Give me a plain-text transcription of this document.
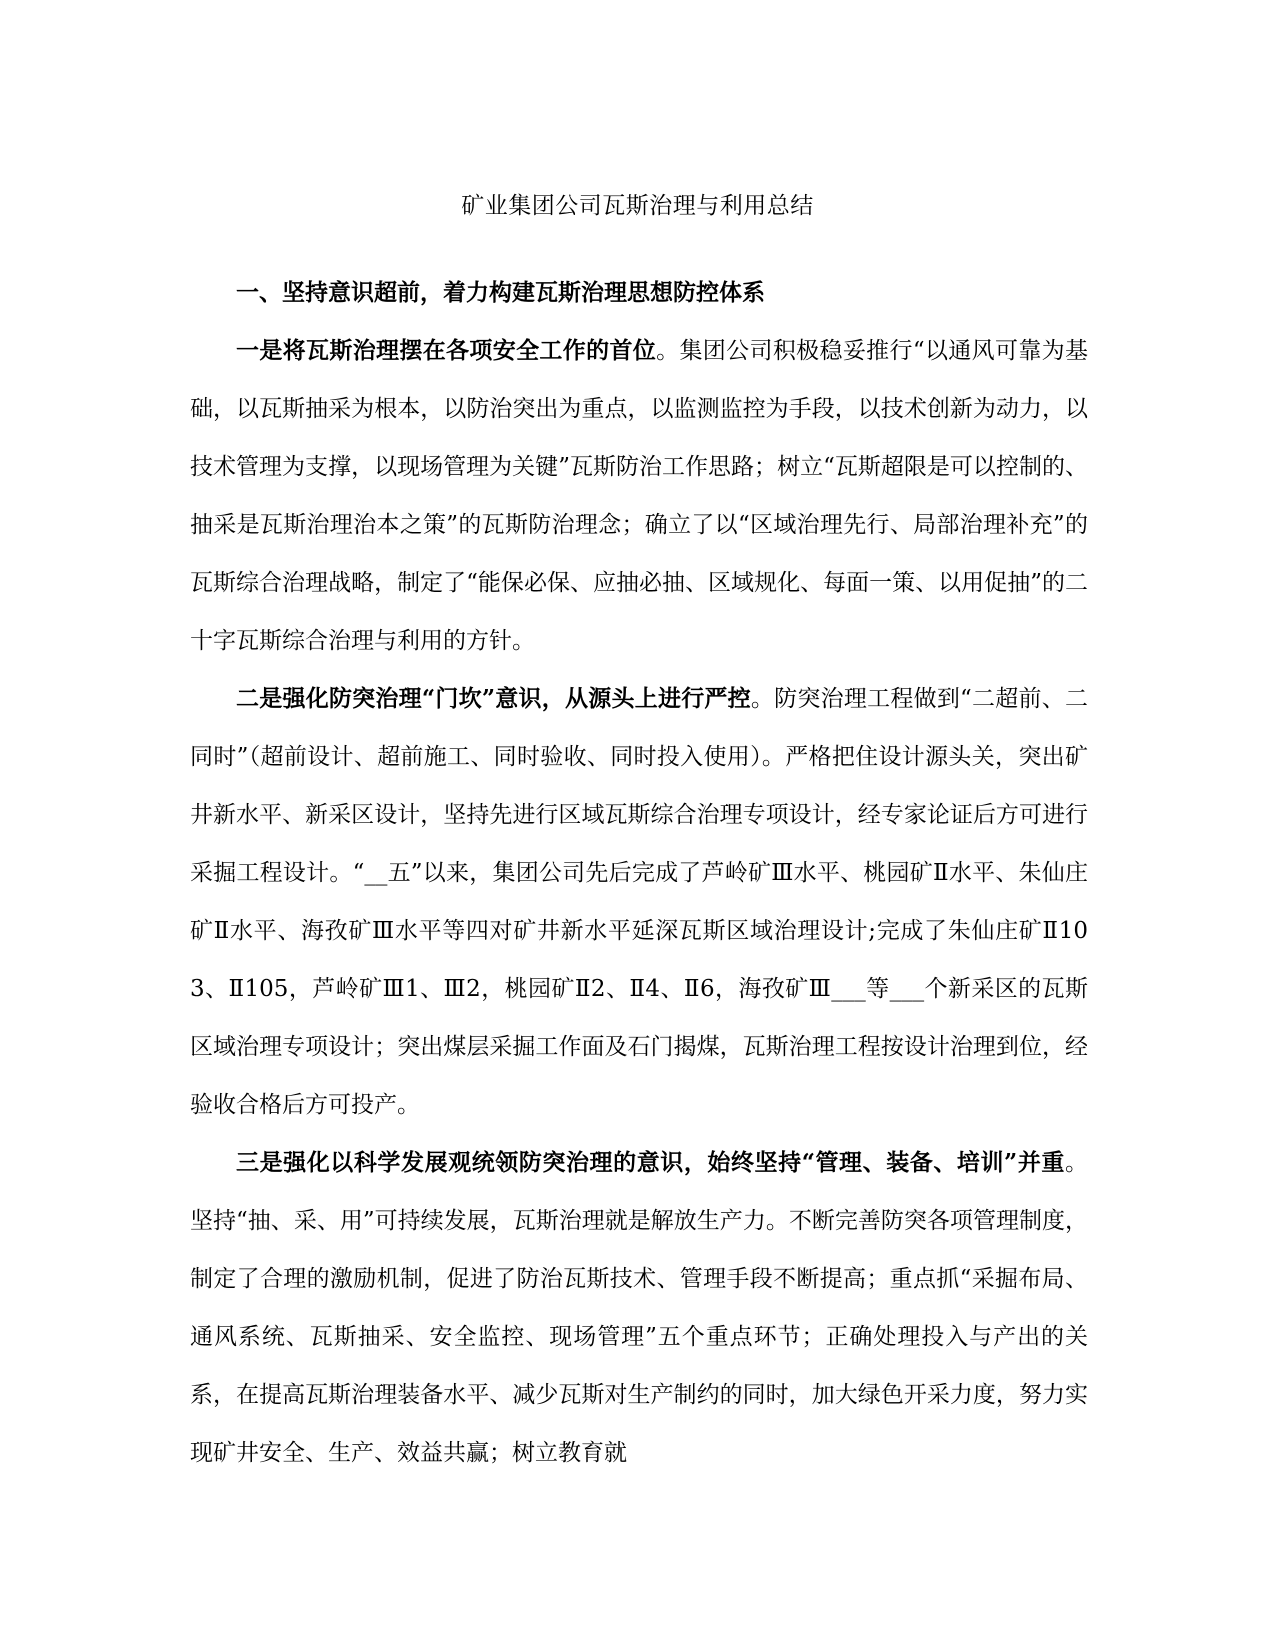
矿业集团公司瓦斯治理与利用总结

一、坚持意识超前，着力构建瓦斯治理思想防控体系

一是将瓦斯治理摆在各项安全工作的首位。集团公司积极稳妥推行“以通风可靠为基础，以瓦斯抽采为根本，以防治突出为重点，以监测监控为手段，以技术创新为动力，以技术管理为支撑，以现场管理为关键”瓦斯防治工作思路；树立“瓦斯超限是可以控制的、抽采是瓦斯治理治本之策”的瓦斯防治理念；确立了以“区域治理先行、局部治理补充”的瓦斯综合治理战略，制定了“能保必保、应抽必抽、区域规化、每面一策、以用促抽”的二十字瓦斯综合治理与利用的方针。

二是强化防突治理“门坎”意识，从源头上进行严控。防突治理工程做到“二超前、二同时”（超前设计、超前施工、同时验收、同时投入使用）。严格把住设计源头关，突出矿井新水平、新采区设计，坚持先进行区域瓦斯综合治理专项设计，经专家论证后方可进行采掘工程设计。“__五”以来，集团公司先后完成了芦岭矿Ⅲ水平、桃园矿Ⅱ水平、朱仙庄矿Ⅱ水平、海孜矿Ⅲ水平等四对矿井新水平延深瓦斯区域治理设计;完成了朱仙庄矿Ⅱ103、Ⅱ105，芦岭矿Ⅲ1、Ⅲ2，桃园矿Ⅱ2、Ⅱ4、Ⅱ6，海孜矿Ⅲ___等___个新采区的瓦斯区域治理专项设计；突出煤层采掘工作面及石门揭煤，瓦斯治理工程按设计治理到位，经验收合格后方可投产。

三是强化以科学发展观统领防突治理的意识，始终坚持“管理、装备、培训”并重。坚持“抽、采、用”可持续发展，瓦斯治理就是解放生产力。不断完善防突各项管理制度，制定了合理的激励机制，促进了防治瓦斯技术、管理手段不断提高；重点抓“采掘布局、通风系统、瓦斯抽采、安全监控、现场管理”五个重点环节；正确处理投入与产出的关系，在提高瓦斯治理装备水平、减少瓦斯对生产制约的同时，加大绿色开采力度，努力实现矿井安全、生产、效益共赢；树立教育就
